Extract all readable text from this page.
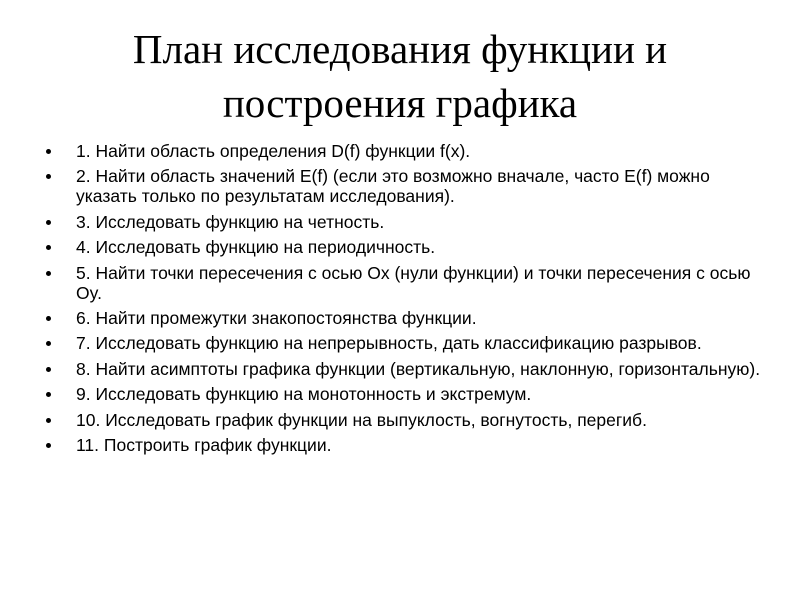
План исследования функции и
построения графика
1. Найти область определения D(f) функции f(x).
2. Найти область значений E(f) (если это возможно вначале, часто E(f) можно указать только по результатам исследования).
3. Исследовать функцию на четность.
4. Исследовать функцию на периодичность.
5. Найти точки пересечения с осью Ox (нули функции) и точки пересечения с осью Oy.
6. Найти промежутки знакопостоянства функции.
7. Исследовать функцию на непрерывность, дать классификацию разрывов.
8. Найти асимптоты графика функции (вертикальную, наклонную, горизонтальную).
9. Исследовать функцию на монотонность и экстремум.
10. Исследовать график функции на выпуклость, вогнутость, перегиб.
11. Построить график функции.
